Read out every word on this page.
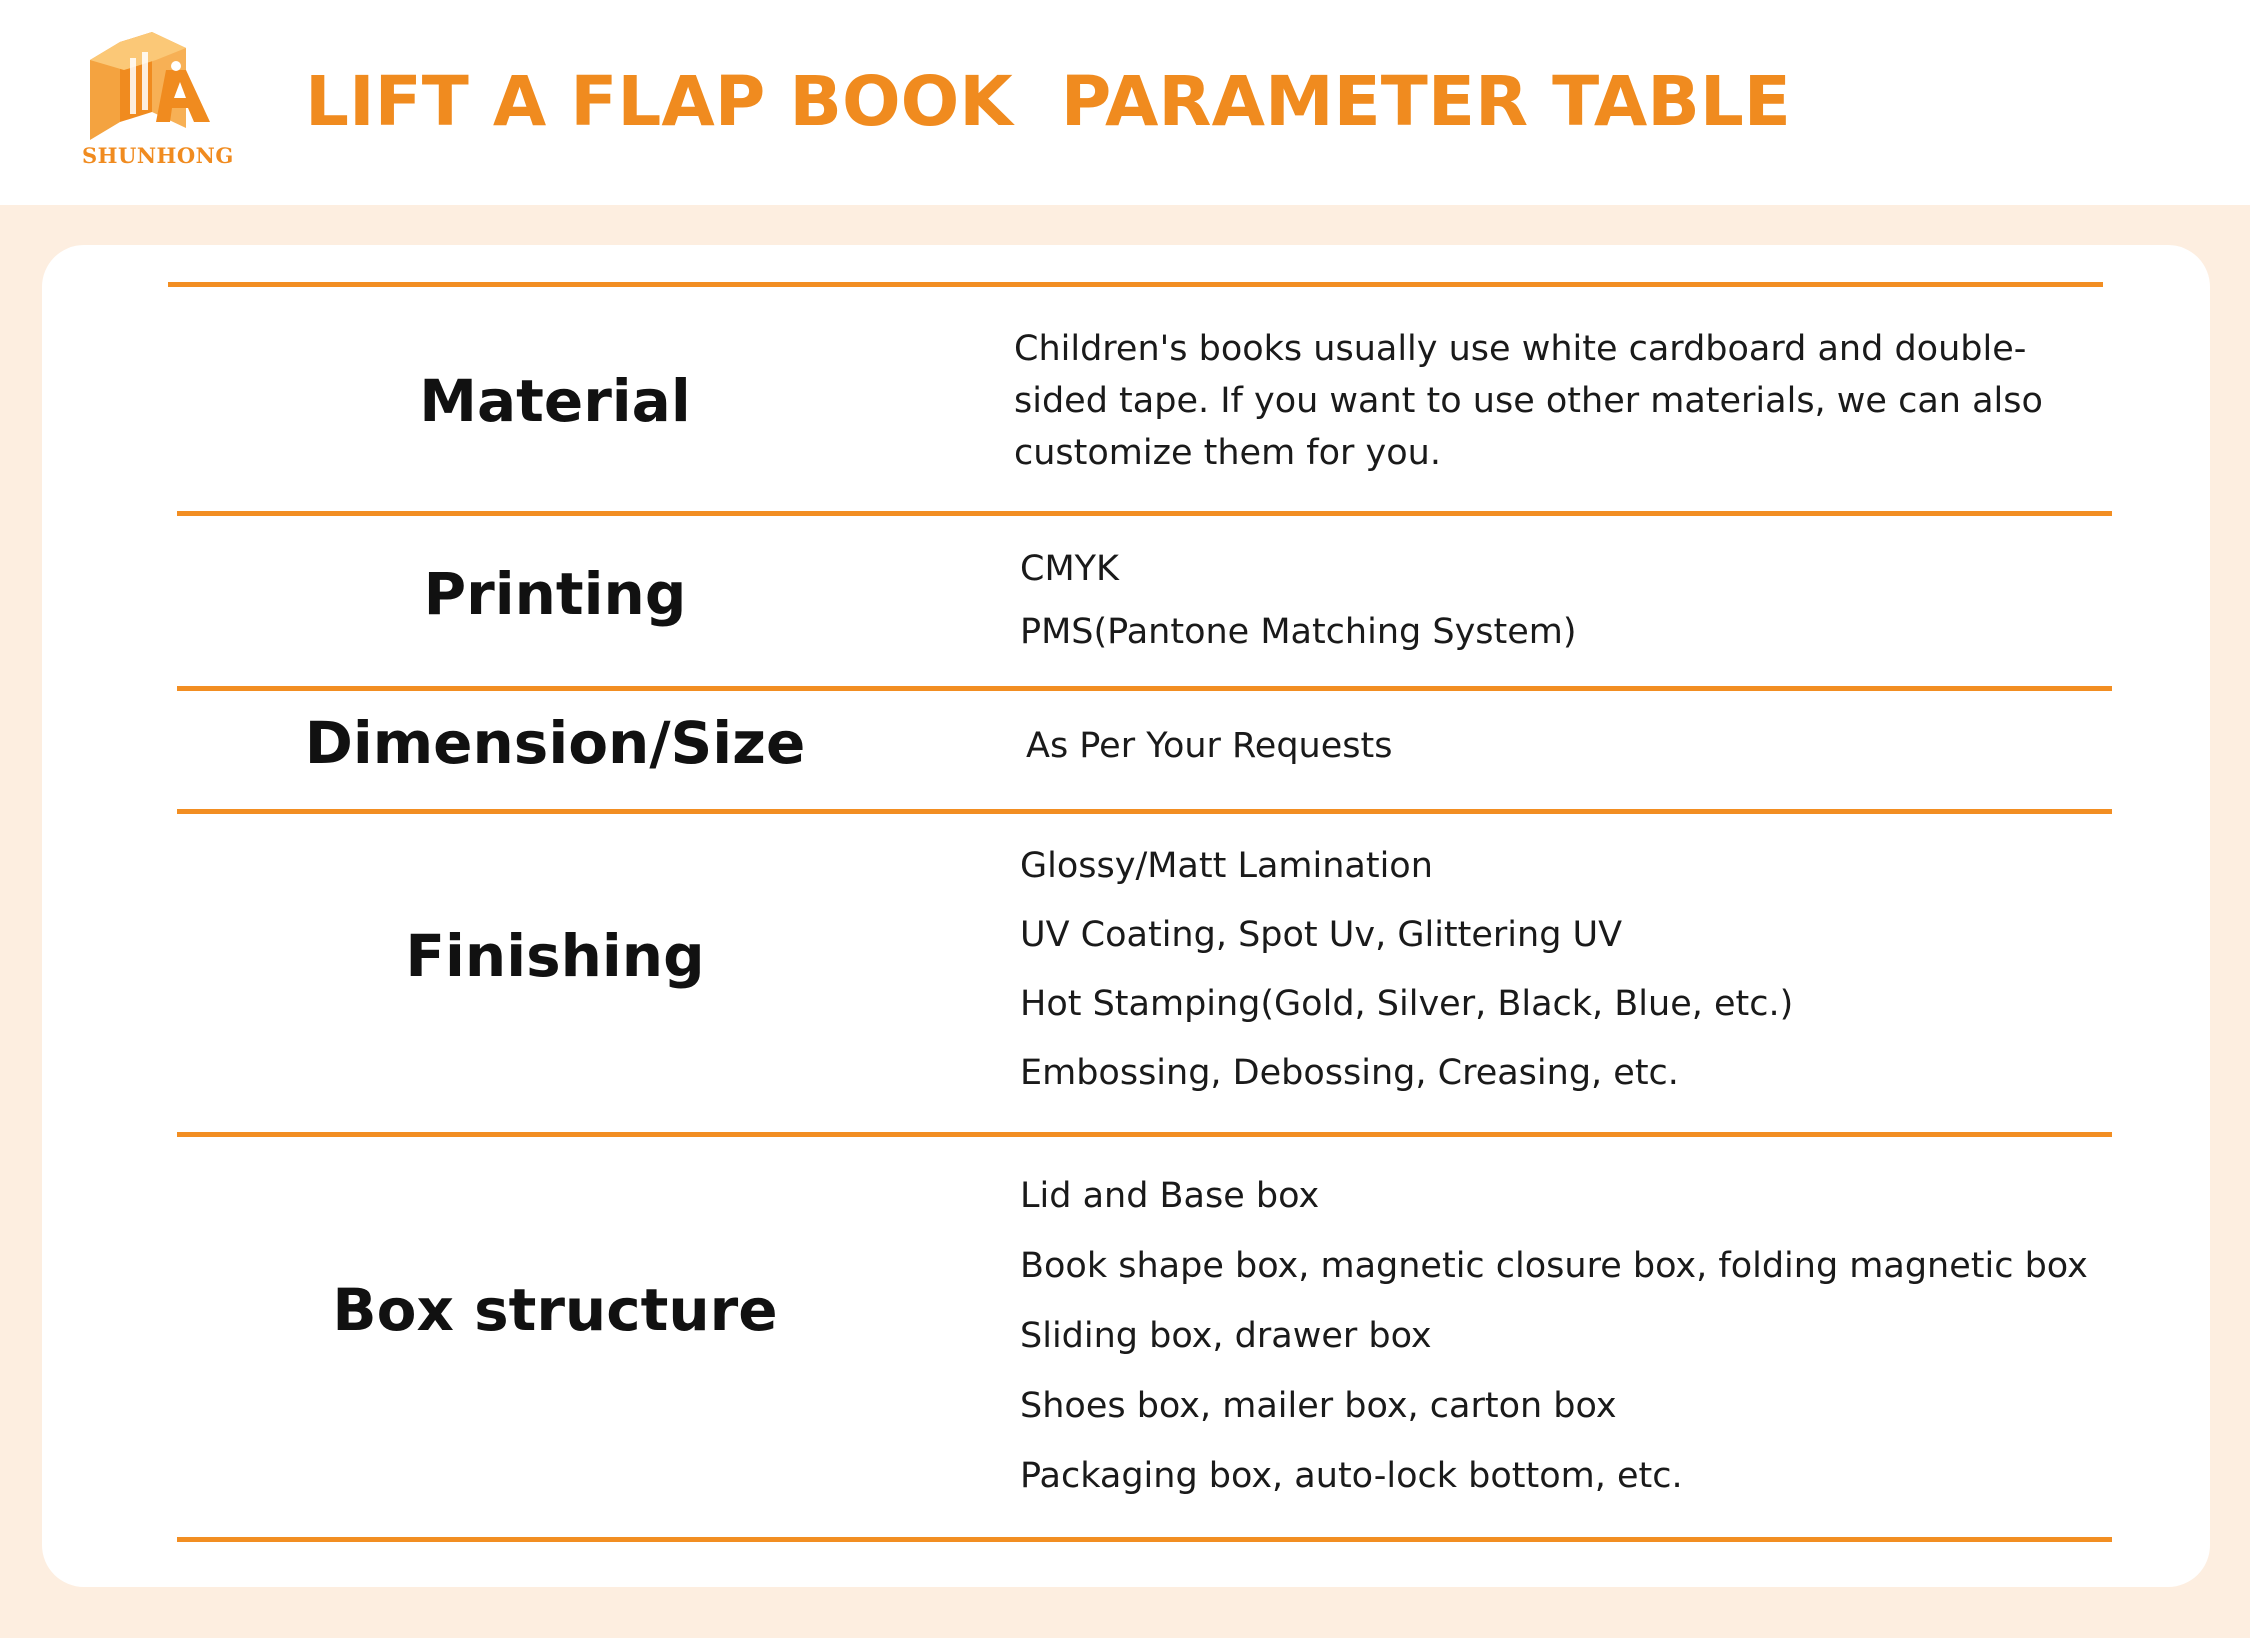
SHUNHONG
LIFT A FLAP BOOK  PARAMETER TABLE
Material
Children's books usually use white cardboard and double-sided tape. If you want to use other materials, we can also customize them for you.
Printing	CMYK
PMS(Pantone Matching System)
Dimension/Size	As Per Your Requests
Finishing
Glossy/Matt Lamination
UV Coating, Spot Uv, Glittering UV
Hot Stamping(Gold, Silver, Black, Blue, etc.)
Embossing, Debossing, Creasing, etc.
Box structure
Lid and Base box
Book shape box, magnetic closure box, folding magnetic box
Sliding box, drawer box
Shoes box, mailer box, carton box
Packaging box, auto-lock bottom, etc.
